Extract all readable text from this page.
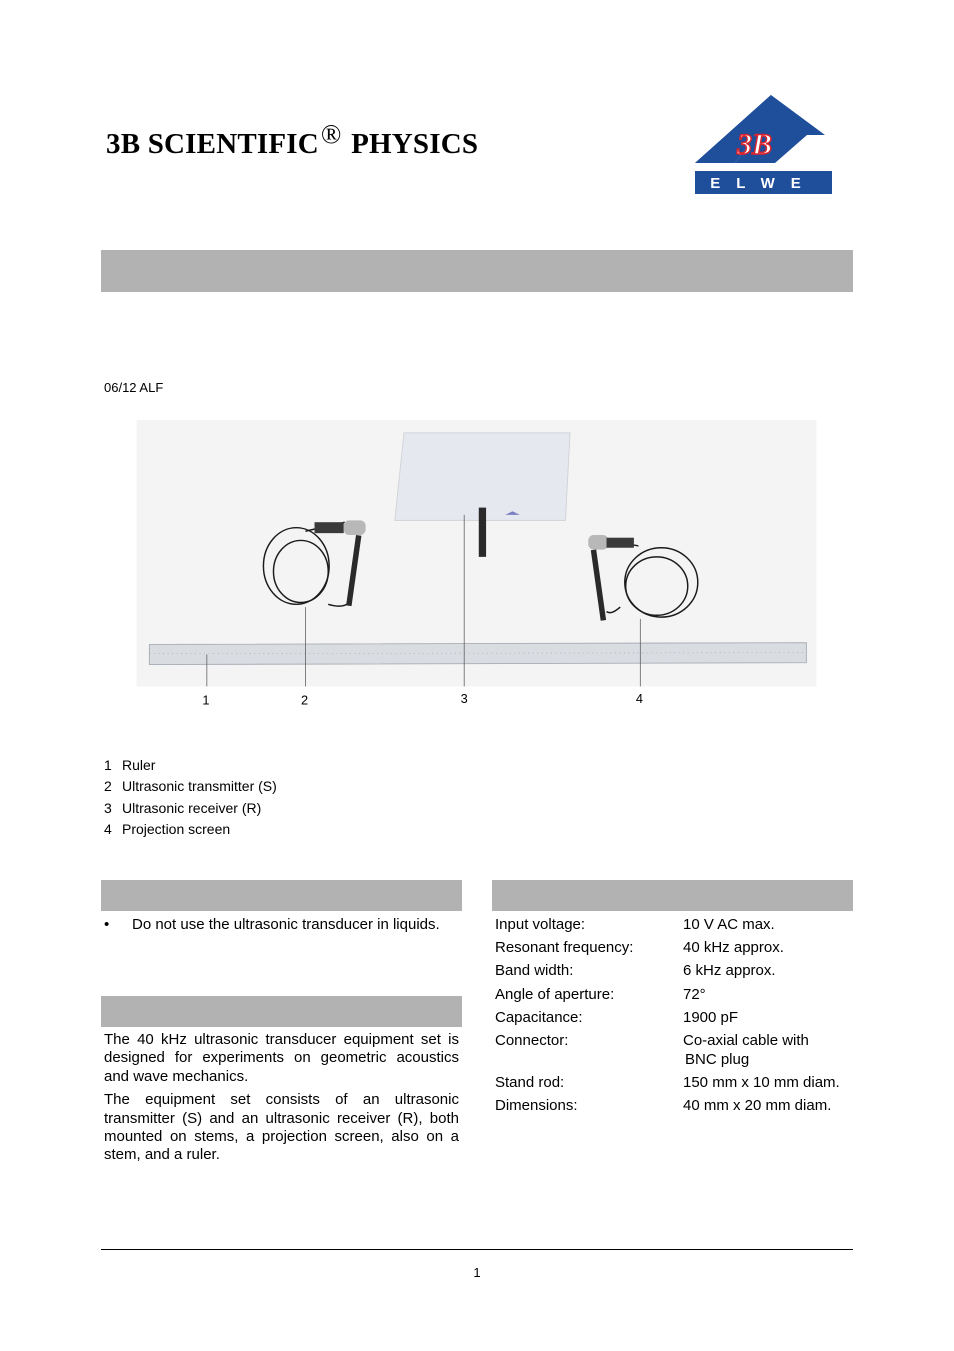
3B SCIENTIFIC® PHYSICS	3B
ELWE
06/12 ALF
1	2	3	4
1 Ruler
2 Ultrasonic transmitter (S)
3 Ultrasonic receiver (R)
4 Projection screen
• Do not use the ultrasonic transducer in liquids.

The 40 kHz ultrasonic transducer equipment set is designed for experiments on geometric acoustics and wave mechanics.

The equipment set consists of an ultrasonic transmitter (S) and an ultrasonic receiver (R), both mounted on stems, a projection screen, also on a stem, and a ruler.

Input voltage:	10 V AC max.
Resonant frequency:	40 kHz approx.
Band width:	6 kHz approx.
Angle of aperture:	72°
Capacitance:	1900 pF
Connector:	Co-axial cable with
BNC plug
Stand rod:	150 mm x 10 mm diam.
Dimensions:	40 mm x 20 mm diam.
1
